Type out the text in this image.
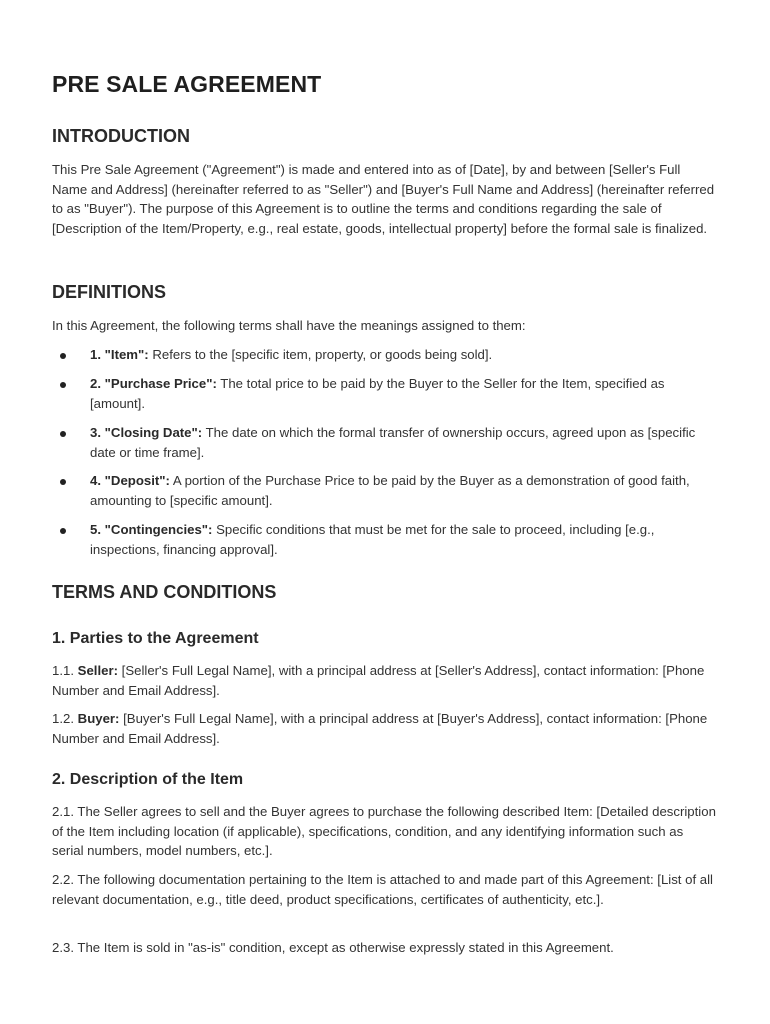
PRE SALE AGREEMENT
INTRODUCTION

This Pre Sale Agreement ("Agreement") is made and entered into as of [Date], by and between [Seller's Full Name and Address] (hereinafter referred to as "Seller") and [Buyer's Full Name and Address] (hereinafter referred to as "Buyer"). The purpose of this Agreement is to outline the terms and conditions regarding the sale of [Description of the Item/Property, e.g., real estate, goods, intellectual property] before the formal sale is finalized.

DEFINITIONS

In this Agreement, the following terms shall have the meanings assigned to them:

1. "Item": Refers to the [specific item, property, or goods being sold].
2. "Purchase Price": The total price to be paid by the Buyer to the Seller for the Item, specified as [amount].
3. "Closing Date": The date on which the formal transfer of ownership occurs, agreed upon as [specific date or time frame].
4. "Deposit": A portion of the Purchase Price to be paid by the Buyer as a demonstration of good faith, amounting to [specific amount].
5. "Contingencies": Specific conditions that must be met for the sale to proceed, including [e.g., inspections, financing approval].
TERMS AND CONDITIONS
1. Parties to the Agreement

1.1. Seller: [Seller's Full Legal Name], with a principal address at [Seller's Address], contact information: [Phone Number and Email Address].

1.2. Buyer: [Buyer's Full Legal Name], with a principal address at [Buyer's Address], contact information: [Phone Number and Email Address].

2. Description of the Item

2.1. The Seller agrees to sell and the Buyer agrees to purchase the following described Item: [Detailed description of the Item including location (if applicable), specifications, condition, and any identifying information such as serial numbers, model numbers, etc.].

2.2. The following documentation pertaining to the Item is attached to and made part of this Agreement: [List of all relevant documentation, e.g., title deed, product specifications, certificates of authenticity, etc.].

2.3. The Item is sold in "as-is" condition, except as otherwise expressly stated in this Agreement.
